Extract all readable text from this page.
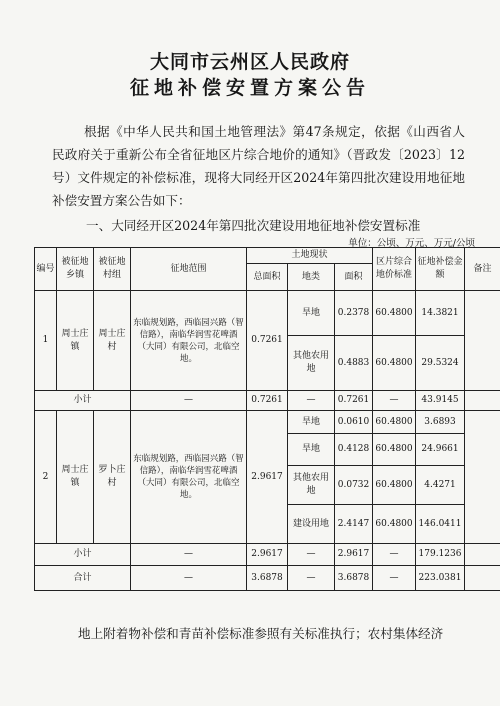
大同市云州区人民政府
征地补偿安置方案公告
根据《中华人民共和国土地管理法》第47条规定，依据《山西省人民政府关于重新公布全省征地区片综合地价的通知》（晋政发〔2023〕12号）文件规定的补偿标准，现将大同经开区2024年第四批次建设用地征地补偿安置方案公告如下：
一、大同经开区2024年第四批次建设用地征地补偿安置标准
单位：公顷、万元、万元/公顷
编号	被征地乡镇	被征地村组	征地范围	土地现状			区片综合地价标准	征地补偿金额	备注
				总面积	地类	面积			
1	周士庄镇	周士庄村	东临规划路，西临园兴路（智信路），南临华润雪花啤酒（大同）有限公司，北临空地。	0.7261	旱地	0.2378	60.4800	14.3821	
					其他农用地	0.4883	60.4800	29.5324	
小计			—	0.7261	—	0.7261	—	43.9145	
2	周士庄镇	罗卜庄村	东临规划路，西临园兴路（智信路），南临华润雪花啤酒（大同）有限公司，北临空地。	2.9617	旱地	0.0610	60.4800	3.6893	
					旱地	0.4128	60.4800	24.9661	
					其他农用地	0.0732	60.4800	4.4271	
					建设用地	2.4147	60.4800	146.0411	
小计			—	2.9617	—	2.9617	—	179.1236	
合计			—	3.6878	—	3.6878	—	223.0381	
地上附着物补偿和青苗补偿标准参照有关标准执行；农村集体经济
